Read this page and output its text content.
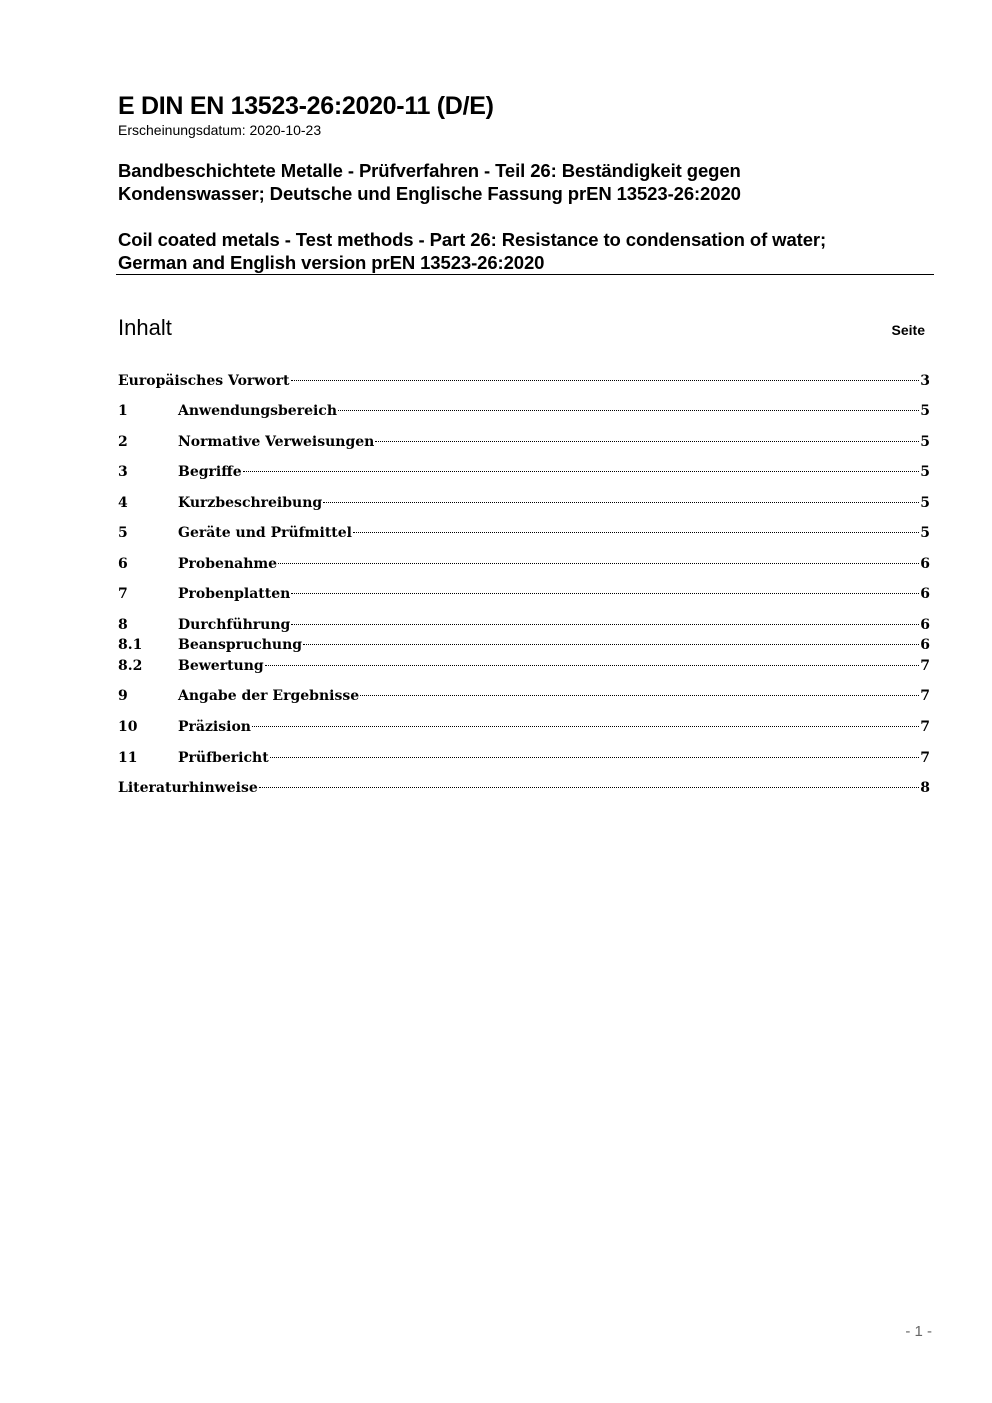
E DIN EN 13523-26:2020-11 (D/E)
Erscheinungsdatum: 2020-10-23
Bandbeschichtete Metalle - Prüfverfahren - Teil 26: Beständigkeit gegen
Kondenswasser; Deutsche und Englische Fassung prEN 13523-26:2020
Coil coated metals - Test methods - Part 26: Resistance to condensation of water;
German and English version prEN 13523-26:2020
Inhalt	Seite
Europäisches Vorwort	3
1	Anwendungsbereich	5
2	Normative Verweisungen	5
3	Begriffe	5
4	Kurzbeschreibung	5
5	Geräte und Prüfmittel	5
6	Probenahme	6
7	Probenplatten	6
8	Durchführung	6
8.1	Beanspruchung	6
8.2	Bewertung	7
9	Angabe der Ergebnisse	7
10	Präzision	7
11	Prüfbericht	7
Literaturhinweise	8
- 1 -
